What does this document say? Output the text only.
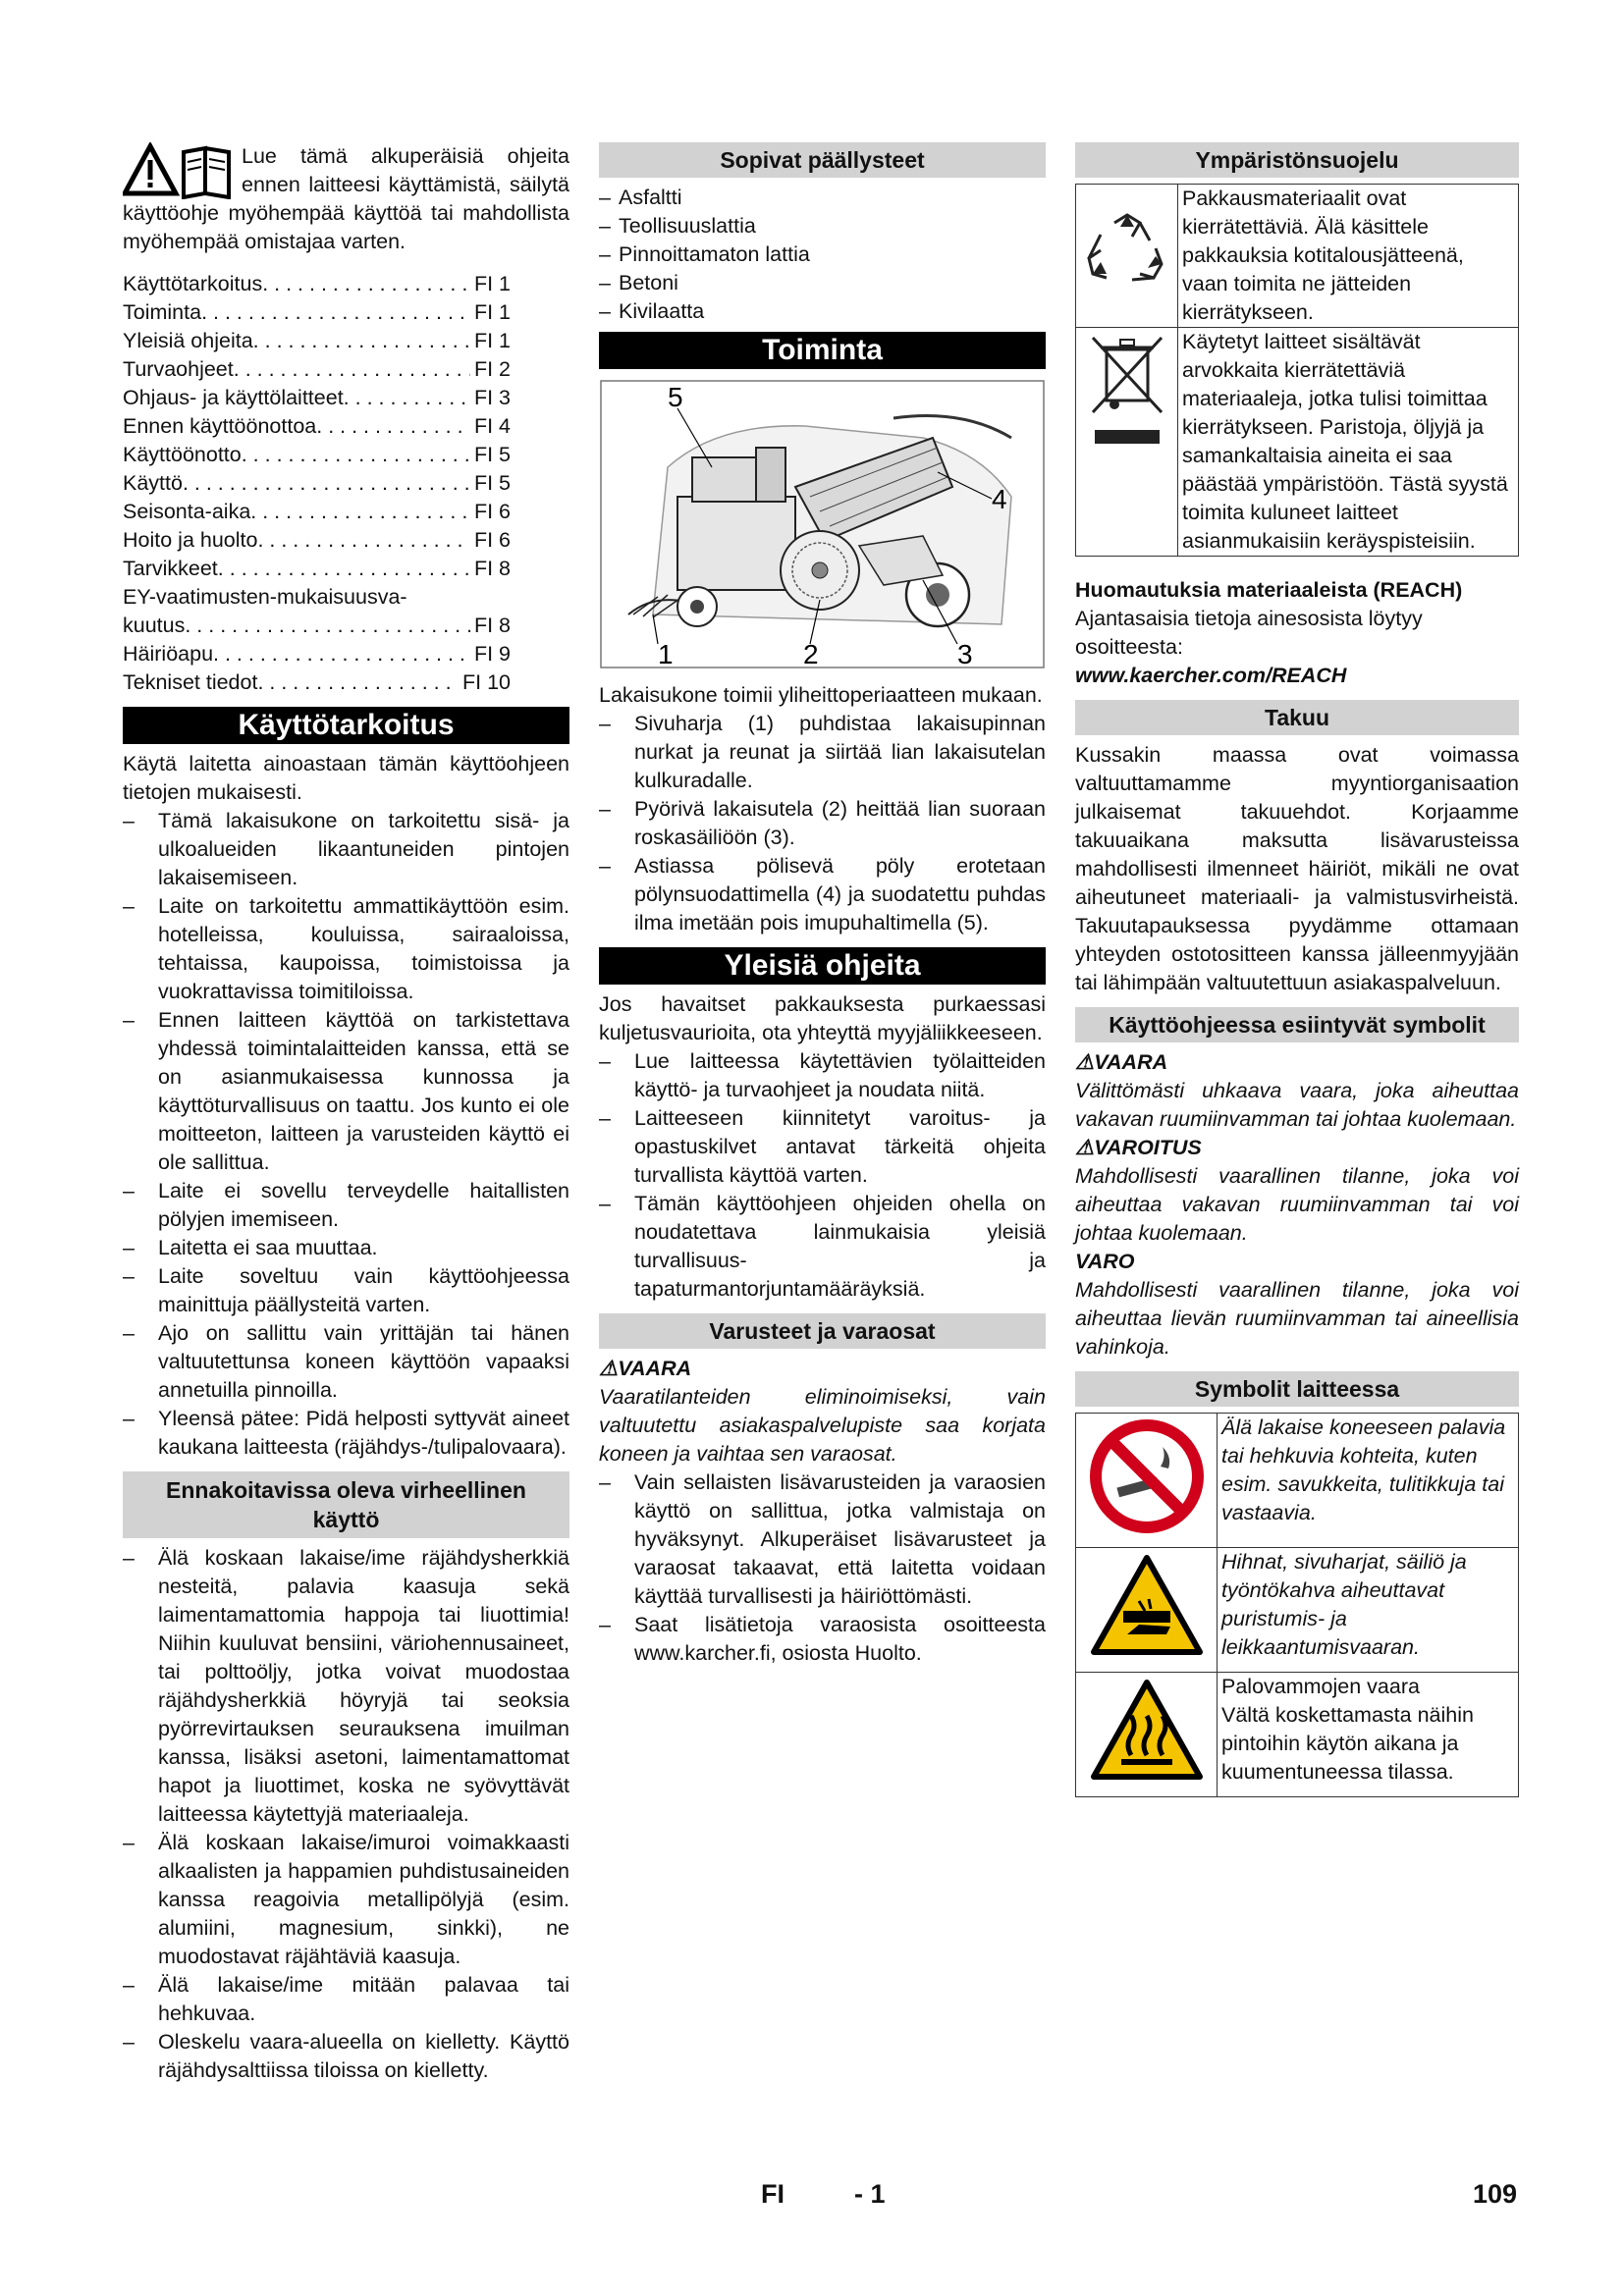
Lue tämä alkuperäisiä ohjeita ennen laitteesi käyttämistä, säilytä käyttöohje myöhempää käyttöä tai mahdollista myöhempää omistajaa varten.

Käyttötarkoitus . . .	FI 1
Toiminta . . .	FI 1
Yleisiä ohjeita . . .	FI 1
Turvaohjeet . . .	FI 2
Ohjaus- ja käyttölaitteet . . .	FI 3
Ennen käyttöönottoa . . .	FI 4
Käyttöönotto . . .	FI 5
Käyttö . . .	FI 5
Seisonta-aika . . .	FI 6
Hoito ja huolto . . .	FI 6
Tarvikkeet . . .	FI 8
EY-vaatimusten-mukaisuusva-
kuutus . . .	FI 8
Häiriöapu . . .	FI 9
Tekniset tiedot . . .	FI 10
Käyttötarkoitus

Käytä laitetta ainoastaan tämän käyttöohjeen tietojen mukaisesti.

– Tämä lakaisukone on tarkoitettu sisä- ja ulkoalueiden likaantuneiden pintojen lakaisemiseen.
– Laite on tarkoitettu ammattikäyttöön esim. hotelleissa, kouluissa, sairaaloissa, tehtaissa, kaupoissa, toimistoissa ja vuokrattavissa toimitiloissa.
– Ennen laitteen käyttöä on tarkistettava yhdessä toimintalaitteiden kanssa, että se on asianmukaisessa kunnossa ja käyttöturvallisuus on taattu. Jos kunto ei ole moitteeton, laitteen ja varusteiden käyttö ei ole sallittua.
– Laite ei sovellu terveydelle haitallisten pölyjen imemiseen.
– Laitetta ei saa muuttaa.
– Laite soveltuu vain käyttöohjeessa mainittuja päällysteitä varten.
– Ajo on sallittu vain yrittäjän tai hänen valtuutettunsa koneen käyttöön vapaaksi annetuilla pinnoilla.
– Yleensä pätee: Pidä helposti syttyvät aineet kaukana laitteesta (räjähdys-/tulipalovaara).
Ennakoitavissa oleva virheellinen käyttö
– Älä koskaan lakaise/ime räjähdysherkkiä nesteitä, palavia kaasuja sekä laimentamattomia happoja tai liuottimia! Niihin kuuluvat bensiini, väriohennusaineet, tai polttoöljy, jotka voivat muodostaa räjähdysherkkiä höyryjä tai seoksia pyörrevirtauksen seurauksena imuilman kanssa, lisäksi asetoni, laimentamattomat hapot ja liuottimet, koska ne syövyttävät laitteessa käytettyjä materiaaleja.
– Älä koskaan lakaise/imuroi voimakkaasti alkaalisten ja happamien puhdistusaineiden kanssa reagoivia metallipölyjä (esim. alumiini, magnesium, sinkki), ne muodostavat räjähtäviä kaasuja.
– Älä lakaise/ime mitään palavaa tai hehkuvaa.
– Oleskelu vaara-alueella on kielletty. Käyttö räjähdysalttiissa tiloissa on kielletty.
Sopivat päällysteet
– Asfaltti
– Teollisuuslattia
– Pinnoittamaton lattia
– Betoni
– Kivilaatta
Toiminta
1	2	3
4
5

Lakaisukone toimii yliheittoperiaatteen mukaan.

– Sivuharja (1) puhdistaa lakaisupinnan nurkat ja reunat ja siirtää lian lakaisutelan kulkuradalle.
– Pyörivä lakaisutela (2) heittää lian suoraan roskasäiliöön (3).
– Astiassa pölisevä pöly erotetaan pölynsuodattimella (4) ja suodatettu puhdas ilma imetään pois imupuhaltimella (5).
Yleisiä ohjeita

Jos havaitset pakkauksesta purkaessasi kuljetusvaurioita, ota yhteyttä myyjäliikkeeseen.

– Lue laitteessa käytettävien työlaitteiden käyttö- ja turvaohjeet ja noudata niitä.
– Laitteeseen kiinnitetyt varoitus- ja opastuskilvet antavat tärkeitä ohjeita turvallista käyttöä varten.
– Tämän käyttöohjeen ohjeiden ohella on noudatettava lainmukaisia yleisiä turvallisuus- ja tapaturmantorjuntamääräyksiä.
Varusteet ja varaosat
⚠VAARA

Vaaratilanteiden eliminoimiseksi, vain valtuutettu asiakaspalvelupiste saa korjata koneen ja vaihtaa sen varaosat.

– Vain sellaisten lisävarusteiden ja varaosien käyttö on sallittua, jotka valmistaja on hyväksynyt. Alkuperäiset lisävarusteet ja varaosat takaavat, että laitetta voidaan käyttää turvallisesti ja häiriöttömästi.
– Saat lisätietoja varaosista osoitteesta www.karcher.fi, osiosta Huolto.
Ympäristönsuojelu
	Pakkausmateriaalit ovat kierrätettäviä. Älä käsittele pakkauksia kotitalousjätteenä, vaan toimita ne jätteiden kierrätykseen.
	Käytetyt laitteet sisältävät arvokkaita kierrätettäviä materiaaleja, jotka tulisi toimittaa kierrätykseen. Paristoja, öljyjä ja samankaltaisia aineita ei saa päästää ympäristöön. Tästä syystä toimita kuluneet laitteet asianmukaisiin keräyspisteisiin.

Huomautuksia materiaaleista (REACH)

Ajantasaisia tietoja ainesosista löytyy osoitteesta:

www.kaercher.com/REACH
Takuu

Kussakin maassa ovat voimassa valtuuttamamme myyntiorganisaation julkaisemat takuuehdot. Korjaamme takuuaikana maksutta lisävarusteissa mahdollisesti ilmenneet häiriöt, mikäli ne ovat aiheutuneet materiaali- ja valmistusvirheistä. Takuutapauksessa pyydämme ottamaan yhteyden ostotositteen kanssa jälleenmyyjään tai lähimpään valtuutettuun asiakaspalveluun.

Käyttöohjeessa esiintyvät symbolit
⚠VAARA

Välittömästi uhkaava vaara, joka aiheuttaa vakavan ruumiinvamman tai johtaa kuolemaan.

⚠VAROITUS

Mahdollisesti vaarallinen tilanne, joka voi aiheuttaa vakavan ruumiinvamman tai voi johtaa kuolemaan.

VARO

Mahdollisesti vaarallinen tilanne, joka voi aiheuttaa lievän ruumiinvamman tai aineellisia vahinkoja.

Symbolit laitteessa
	Älä lakaise koneeseen palavia tai hehkuvia kohteita, kuten esim. savukkeita, tulitikkuja tai vastaavia.
	Hihnat, sivuharjat, säiliö ja työntökahva aiheuttavat puristumis- ja leikkaantumisvaaran.

Palovammojen vaara
Vältä koskettamasta näihin pintoihin käytön aikana ja kuumentuneessa tilassa.
FI	- 1	109
